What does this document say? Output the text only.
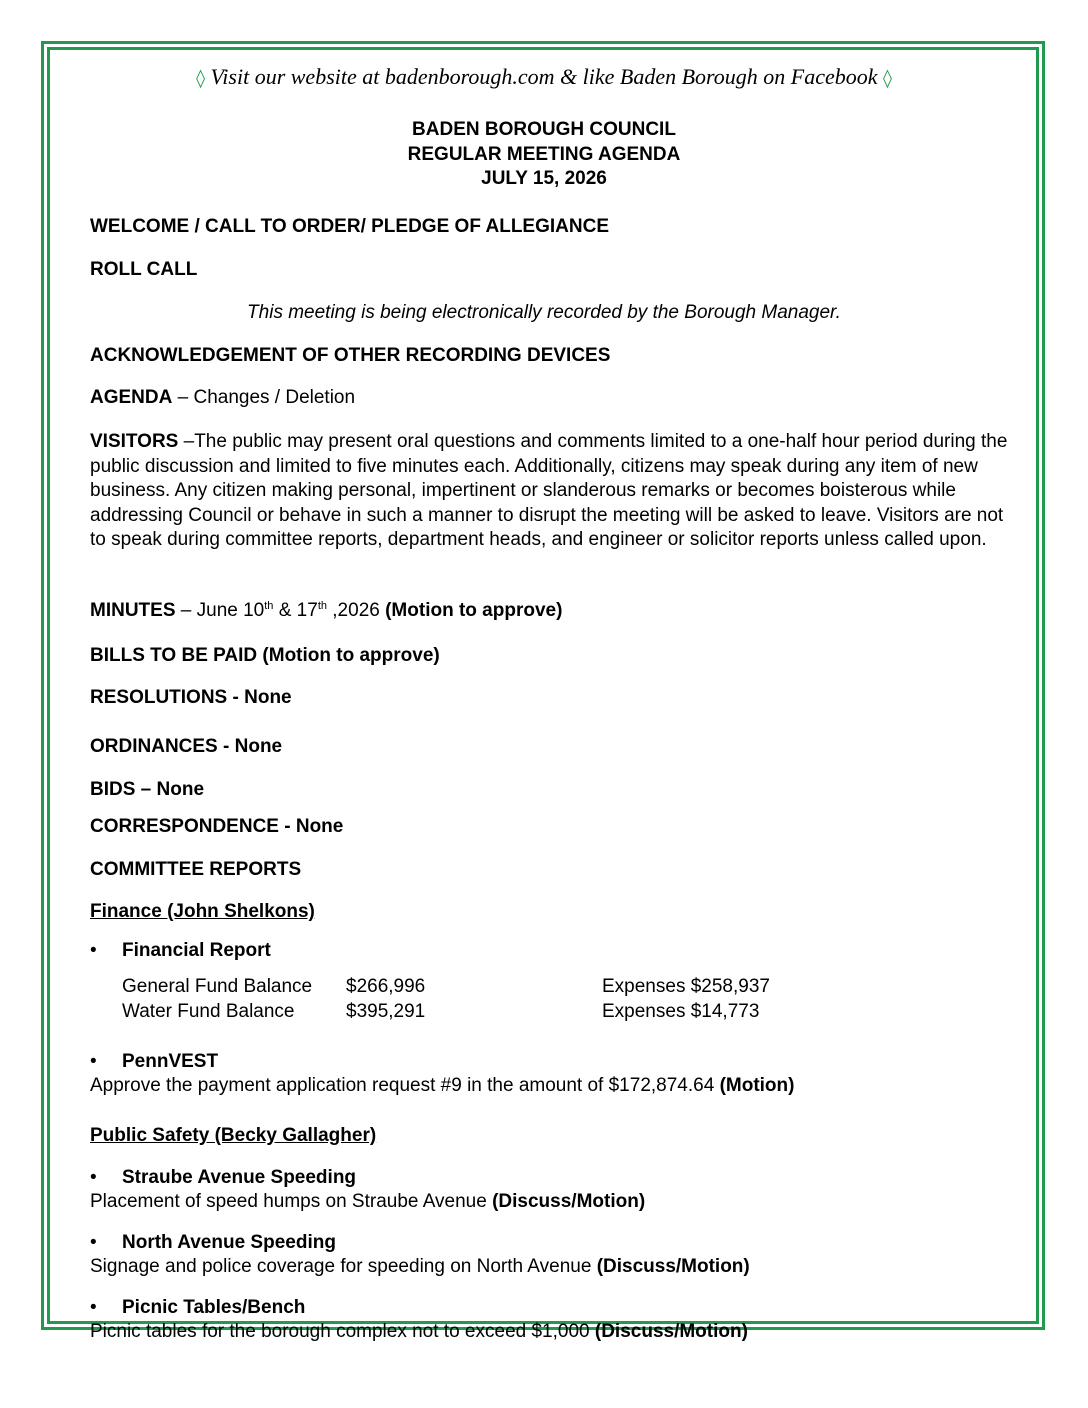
◊ Visit our website at badenborough.com & like Baden Borough on Facebook ◊
BADEN BOROUGH COUNCIL
REGULAR MEETING AGENDA
JULY 15, 2026
WELCOME / CALL TO ORDER/ PLEDGE OF ALLEGIANCE
ROLL CALL
This meeting is being electronically recorded by the Borough Manager.
ACKNOWLEDGEMENT OF OTHER RECORDING DEVICES
AGENDA – Changes / Deletion
VISITORS –The public may present oral questions and comments limited to a one-half hour period during the public discussion and limited to five minutes each. Additionally, citizens may speak during any item of new business. Any citizen making personal, impertinent or slanderous remarks or becomes boisterous while addressing Council or behave in such a manner to disrupt the meeting will be asked to leave. Visitors are not to speak during committee reports, department heads, and engineer or solicitor reports unless called upon.
MINUTES – June 10th & 17th ,2026 (Motion to approve)
BILLS TO BE PAID (Motion to approve)
RESOLUTIONS - None
ORDINANCES - None
BIDS – None
CORRESPONDENCE - None
COMMITTEE REPORTS
Finance (John Shelkons)
• Financial Report
General Fund Balance $266,996	Expenses $258,937
Water Fund Balance	$395,291	Expenses $14,773
• PennVEST
Approve the payment application request #9 in the amount of $172,874.64 (Motion)
Public Safety (Becky Gallagher)
• Straube Avenue Speeding
Placement of speed humps on Straube Avenue (Discuss/Motion)
• North Avenue Speeding
Signage and police coverage for speeding on North Avenue (Discuss/Motion)
• Picnic Tables/Bench
Picnic tables for the borough complex not to exceed $1,000 (Discuss/Motion)
